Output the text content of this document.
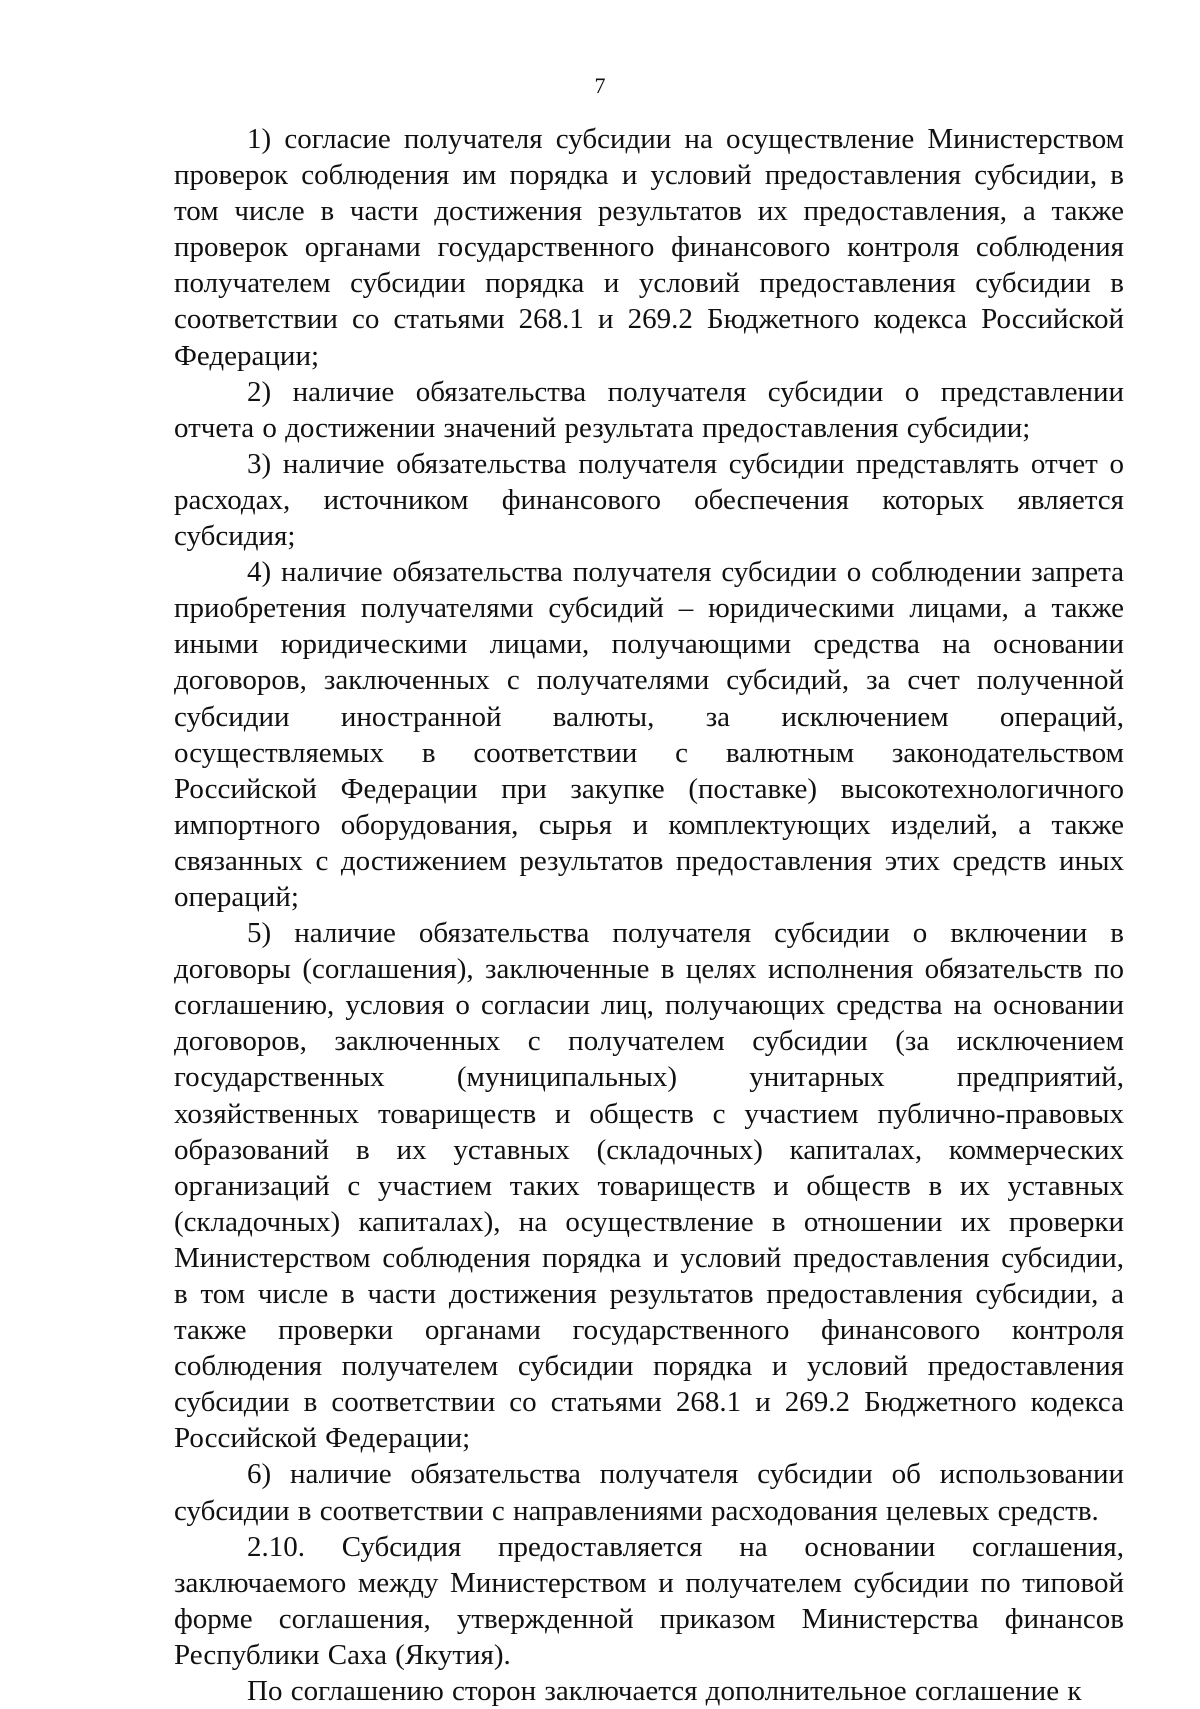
7

1) согласие получателя субсидии на осуществление Министерством проверок соблюдения им порядка и условий предоставления субсидии, в том числе в части достижения результатов их предоставления, а также проверок органами государственного финансового контроля соблюдения получателем субсидии порядка и условий предоставления субсидии в соответствии со статьями 268.1 и 269.2 Бюджетного кодекса Российской Федерации;

2) наличие обязательства получателя субсидии о представлении отчета о достижении значений результата предоставления субсидии;

3) наличие обязательства получателя субсидии представлять отчет о расходах, источником финансового обеспечения которых является субсидия;

4) наличие обязательства получателя субсидии о соблюдении запрета приобретения получателями субсидий – юридическими лицами, а также иными юридическими лицами, получающими средства на основании договоров, заключенных с получателями субсидий, за счет полученной субсидии иностранной валюты, за исключением операций, осуществляемых в соответствии с валютным законодательством Российской Федерации при закупке (поставке) высокотехнологичного импортного оборудования, сырья и комплектующих изделий, а также связанных с достижением результатов предоставления этих средств иных операций;

5) наличие обязательства получателя субсидии о включении в договоры (соглашения), заключенные в целях исполнения обязательств по соглашению, условия о согласии лиц, получающих средства на основании договоров, заключенных с получателем субсидии (за исключением государственных (муниципальных) унитарных предприятий, хозяйственных товариществ и обществ с участием публично-правовых образований в их уставных (складочных) капиталах, коммерческих организаций с участием таких товариществ и обществ в их уставных (складочных) капиталах), на осуществление в отношении их проверки Министерством соблюдения порядка и условий предоставления субсидии, в том числе в части достижения результатов предоставления субсидии, а также проверки органами государственного финансового контроля соблюдения получателем субсидии порядка и условий предоставления субсидии в соответствии со статьями 268.1 и 269.2 Бюджетного кодекса Российской Федерации;

6) наличие обязательства получателя субсидии об использовании субсидии в соответствии с направлениями расходования целевых средств.

2.10. Субсидия предоставляется на основании соглашения, заключаемого между Министерством и получателем субсидии по типовой форме соглашения, утвержденной приказом Министерства финансов Республики Саха (Якутия).

По соглашению сторон заключается дополнительное соглашение к
